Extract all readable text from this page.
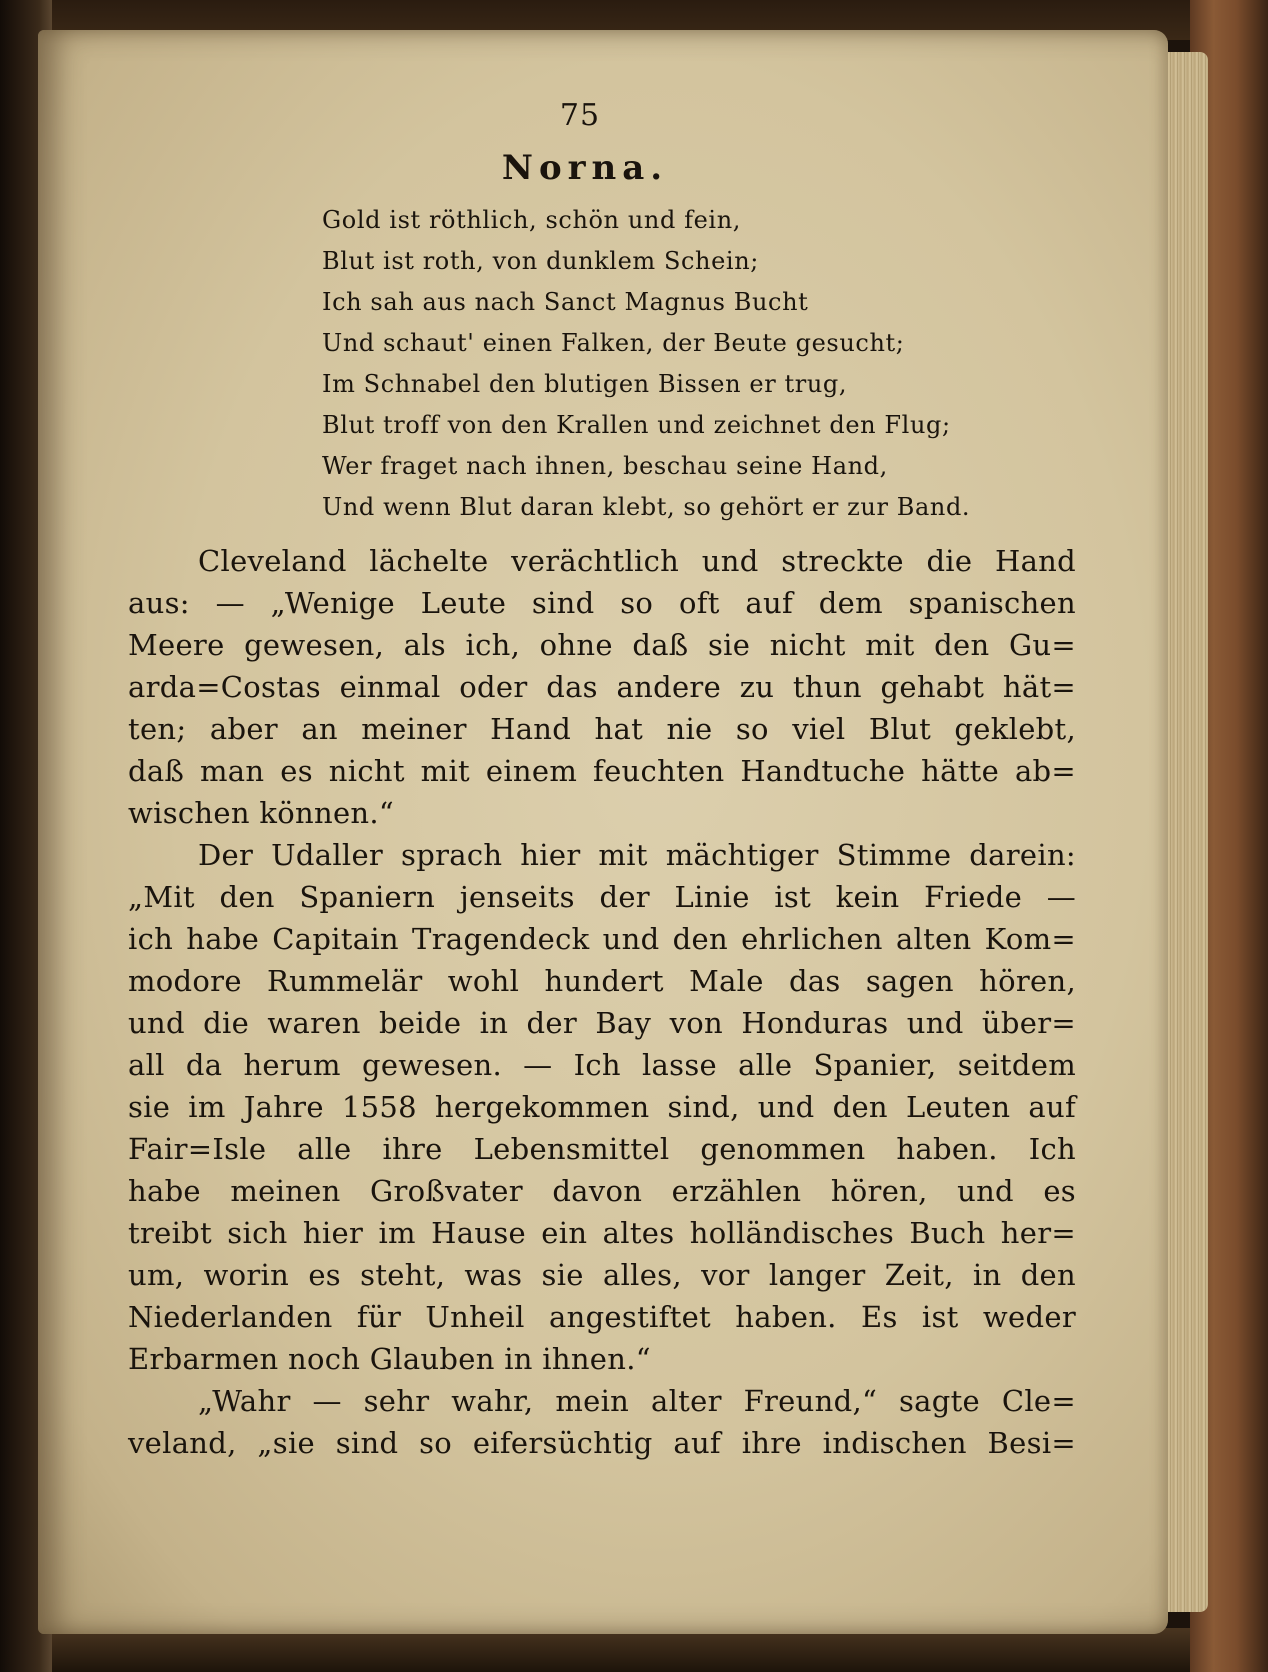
75
Norna.
Gold ist röthlich, schön und fein,
Blut ist roth, von dunklem Schein;
Ich sah aus nach Sanct Magnus Bucht
Und schaut' einen Falken, der Beute gesucht;
Im Schnabel den blutigen Bissen er trug,
Blut troff von den Krallen und zeichnet den Flug;
Wer fraget nach ihnen, beschau seine Hand,
Und wenn Blut daran klebt, so gehört er zur Band.
Cleveland lächelte verächtlich und streckte die Hand
aus: — „Wenige Leute sind so oft auf dem spanischen
Meere gewesen, als ich, ohne daß sie nicht mit den Gu=
arda=Costas einmal oder das andere zu thun gehabt hät=
ten; aber an meiner Hand hat nie so viel Blut geklebt,
daß man es nicht mit einem feuchten Handtuche hätte ab=
wischen können.“
Der Udaller sprach hier mit mächtiger Stimme darein:
„Mit den Spaniern jenseits der Linie ist kein Friede —
ich habe Capitain Tragendeck und den ehrlichen alten Kom=
modore Rummelär wohl hundert Male das sagen hören,
und die waren beide in der Bay von Honduras und über=
all da herum gewesen. — Ich lasse alle Spanier, seitdem
sie im Jahre 1558 hergekommen sind, und den Leuten auf
Fair=Isle alle ihre Lebensmittel genommen haben. Ich
habe meinen Großvater davon erzählen hören, und es
treibt sich hier im Hause ein altes holländisches Buch her=
um, worin es steht, was sie alles, vor langer Zeit, in den
Niederlanden für Unheil angestiftet haben. Es ist weder
Erbarmen noch Glauben in ihnen.“
„Wahr — sehr wahr, mein alter Freund,“ sagte Cle=
veland, „sie sind so eifersüchtig auf ihre indischen Besi=
